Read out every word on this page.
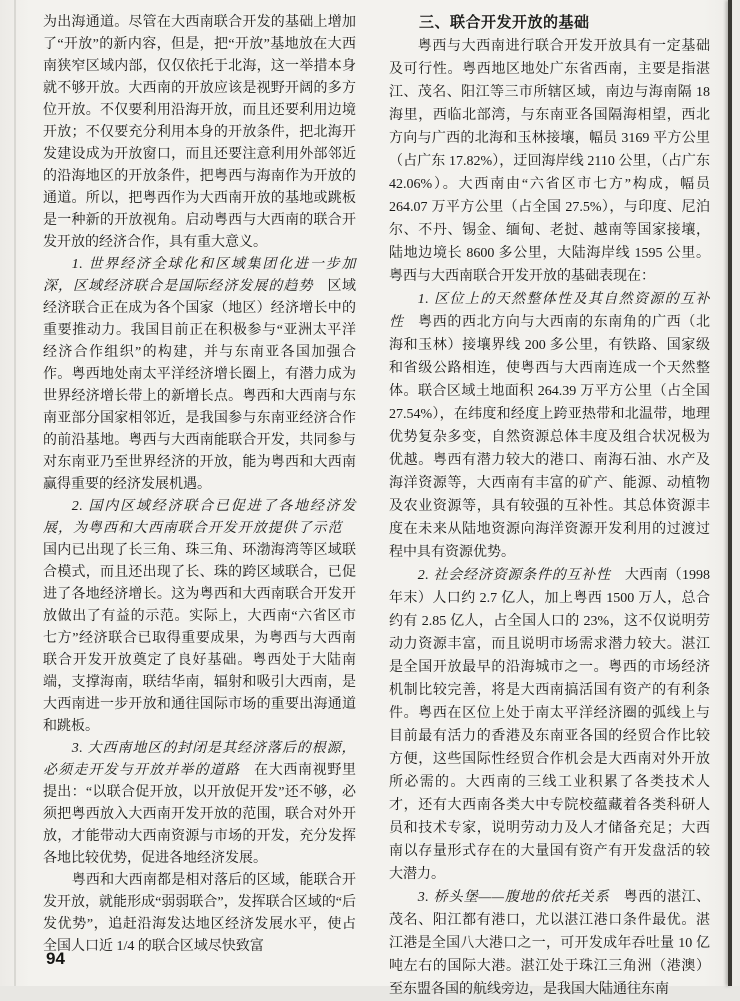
为出海通道。尽管在大西南联合开发的基础上增加了“开放”的新内容，但是，把“开放”基地放在大西南狭窄区域内部，仅仅依托于北海，这一举措本身就不够开放。大西南的开放应该是视野开阔的多方位开放。不仅要利用沿海开放，而且还要利用边境开放；不仅要充分利用本身的开放条件，把北海开发建设成为开放窗口，而且还要注意利用外部邻近的沿海地区的开放条件，把粤西与海南作为开放的通道。所以，把粤西作为大西南开放的基地或跳板是一种新的开放视角。启动粤西与大西南的联合开发开放的经济合作，具有重大意义。

1. 世界经济全球化和区域集团化进一步加深，区域经济联合是国际经济发展的趋势 区域经济联合正在成为各个国家（地区）经济增长中的重要推动力。我国目前正在积极参与“亚洲太平洋经济合作组织”的构建，并与东南亚各国加强合作。粤西地处南太平洋经济增长圈上，有潜力成为世界经济增长带上的新增长点。粤西和大西南与东南亚部分国家相邻近，是我国参与东南亚经济合作的前沿基地。粤西与大西南能联合开发，共同参与对东南亚乃至世界经济的开放，能为粤西和大西南赢得重要的经济发展机遇。

2. 国内区域经济联合已促进了各地经济发展，为粤西和大西南联合开发开放提供了示范国内已出现了长三角、珠三角、环渤海湾等区域联合模式，而且还出现了长、珠的跨区域联合，已促进了各地经济增长。这为粤西和大西南联合开发开放做出了有益的示范。实际上，大西南“六省区市七方”经济联合已取得重要成果，为粤西与大西南联合开发开放奠定了良好基础。粤西处于大陆南端，支撑海南，联结华南，辐射和吸引大西南，是大西南进一步开放和通往国际市场的重要出海通道和跳板。

3. 大西南地区的封闭是其经济落后的根源，必须走开发与开放并举的道路 在大西南视野里提出：“以联合促开放，以开放促开发”还不够，必须把粤西放入大西南开发开放的范围，联合对外开放，才能带动大西南资源与市场的开发，充分发挥各地比较优势，促进各地经济发展。

粤西和大西南都是相对落后的区域，能联合开发开放，就能形成“弱弱联合”，发挥联合区域的“后发优势”，追赶沿海发达地区经济发展水平，使占全国人口近 1/4 的联合区域尽快致富

三、联合开发开放的基础

粤西与大西南进行联合开发开放具有一定基础及可行性。粤西地区地处广东省西南，主要是指湛江、茂名、阳江等三市所辖区域，南边与海南隔 18 海里，西临北部湾，与东南亚各国隔海相望，西北方向与广西的北海和玉林接壤，幅员 3169 平方公里（占广东 17.82%），迂回海岸线 2110 公里，（占广东 42.06%）。大西南由“六省区市七方”构成，幅员 264.07 万平方公里（占全国 27.5%），与印度、尼泊尔、不丹、锡金、缅甸、老挝、越南等国家接壤，陆地边境长 8600 多公里，大陆海岸线 1595 公里。粤西与大西南联合开发开放的基础表现在：

1. 区位上的天然整体性及其自然资源的互补性 粤西的西北方向与大西南的东南角的广西（北海和玉林）接壤界线 200 多公里，有铁路、国家级和省级公路相连，使粤西与大西南连成一个天然整体。联合区域土地面积 264.39 万平方公里（占全国 27.54%），在纬度和经度上跨亚热带和北温带，地理优势复杂多变，自然资源总体丰度及组合状况极为优越。粤西有潜力较大的港口、南海石油、水产及海洋资源等，大西南有丰富的矿产、能源、动植物及农业资源等，具有较强的互补性。其总体资源丰度在未来从陆地资源向海洋资源开发利用的过渡过程中具有资源优势。

2. 社会经济资源条件的互补性 大西南（1998 年末）人口约 2.7 亿人，加上粤西 1500 万人，总合约有 2.85 亿人，占全国人口的 23%，这不仅说明劳动力资源丰富，而且说明市场需求潜力较大。湛江是全国开放最早的沿海城市之一。粤西的市场经济机制比较完善，将是大西南搞活国有资产的有利条件。粤西在区位上处于南太平洋经济圈的弧线上与目前最有活力的香港及东南亚各国的经贸合作比较方便，这些国际性经贸合作机会是大西南对外开放所必需的。大西南的三线工业积累了各类技术人才，还有大西南各类大中专院校蕴藏着各类科研人员和技术专家，说明劳动力及人才储备充足；大西南以存量形式存在的大量国有资产有开发盘活的较大潜力。

3. 桥头堡——腹地的依托关系 粤西的湛江、茂名、阳江都有港口，尤以湛江港口条件最优。湛江港是全国八大港口之一，可开发成年吞吐量 10 亿吨左右的国际大港。湛江处于珠江三角洲（港澳）至东盟各国的航线旁边，是我国大陆通往东南

94
